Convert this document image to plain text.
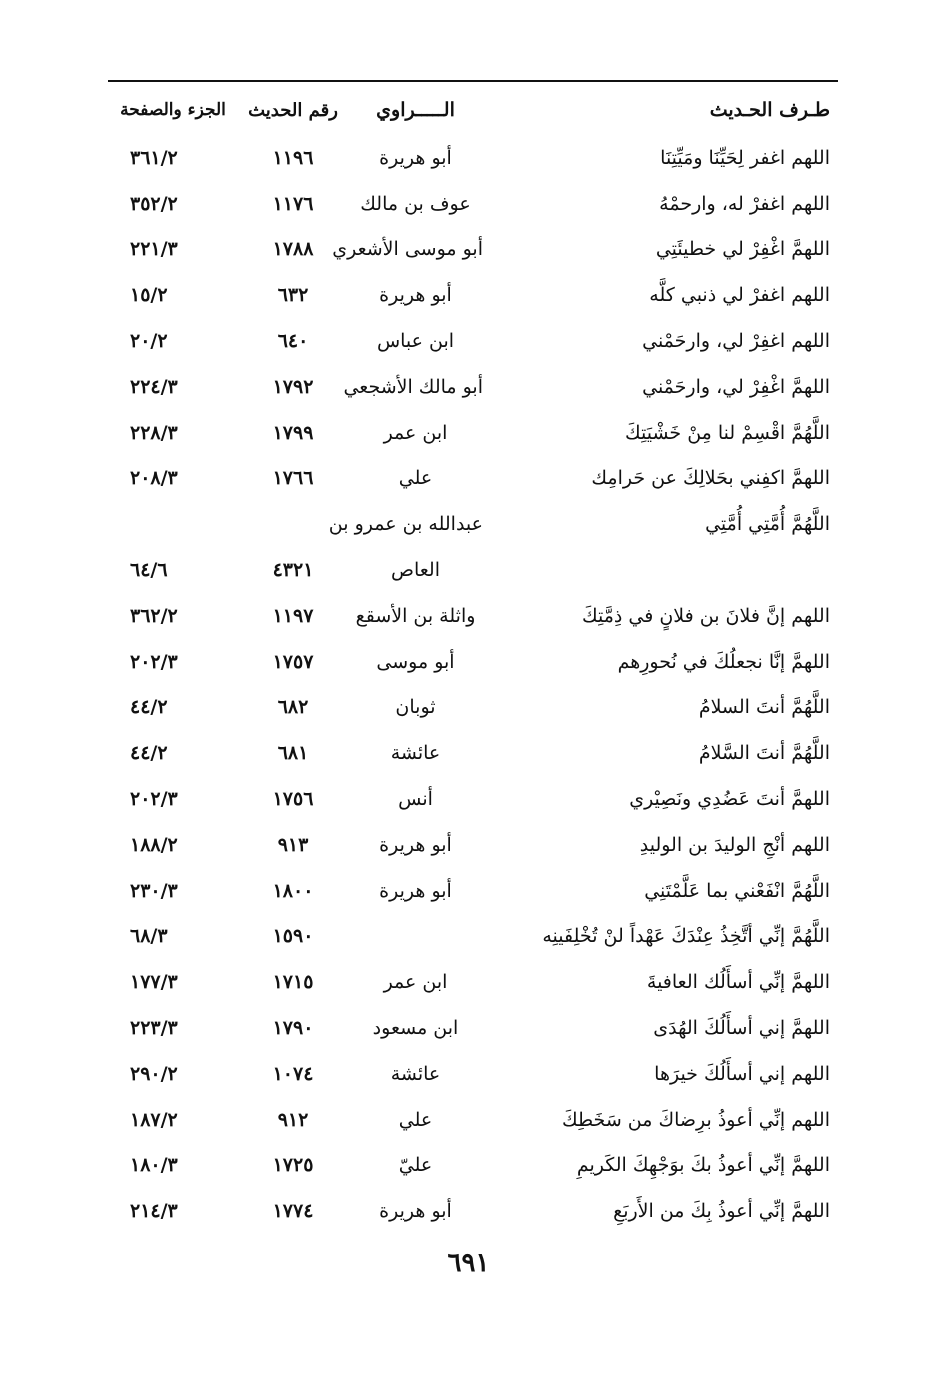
طـرف الحـديث
الـــــراوي
رقم الحديث
الجزء والصفحة
اللهم اغفر لِحَيِّنَا ومَيِّتِنَا
أبو هريرة
١١٩٦
٣٦١/٢
اللهم اغفرْ له، وارحمْهُ
عوف بن مالك
١١٧٦
٣٥٢/٢
اللهمَّ اغْفِرْ لي خطيئَتِي
أبو موسى الأشعري
١٧٨٨
٢٢١/٣
اللهم اغفرْ لي ذنبي كلَّه
أبو هريرة
٦٣٢
١٥/٢
اللهم اغفِرْ لي، وارحَمْني
ابن عباس
٦٤٠
٢٠/٢
اللهمَّ اغْفِرْ لي، وارحَمْني
أبو مالك الأشجعي
١٧٩٢
٢٢٤/٣
اللَّهُمَّ اقْسِمْ لنا مِنْ خَشْيَتِكَ
ابن عمر
١٧٩٩
٢٢٨/٣
اللهمَّ اكفِني بحَلالِكَ عن حَرامِك
علي
١٧٦٦
٢٠٨/٣
اللَّهُمَّ أُمَّتِي أُمَّتِي
عبدالله بن عمرو بن
العاص
٤٣٢١
٦٤/٦
اللهم إنَّ فلانَ بن فلانٍ في ذِمَّتِكَ
واثلة بن الأسقع
١١٩٧
٣٦٢/٢
اللهمَّ إنَّا نجعلُكَ في نُحورِهم
أبو موسى
١٧٥٧
٢٠٢/٣
اللَّهُمَّ أنتَ السلامُ
ثوبان
٦٨٢
٤٤/٢
اللَّهُمَّ أنتَ السَّلامُ
عائشة
٦٨١
٤٤/٢
اللهمَّ أنتَ عَضُدِي ونَصِيْري
أنس
١٧٥٦
٢٠٢/٣
اللهم أنْجِ الوليدَ بن الوليدِ
أبو هريرة
٩١٣
١٨٨/٢
اللَّهُمَّ انْفَعْني بما عَلَّمْتَنِي
أبو هريرة
١٨٠٠
٢٣٠/٣
اللَّهُمَّ إنِّي أتَّخِذُ عِنْدَكَ عَهْداً لنْ تُخْلِفَينِه
١٥٩٠
٦٨/٣
اللهمَّ إنِّي أسأَلُك العافيةَ
ابن عمر
١٧١٥
١٧٧/٣
اللهمَّ إني أسأَلُكَ الهُدَى
ابن مسعود
١٧٩٠
٢٢٣/٣
اللهم إني أسأَلُكَ خيرَها
عائشة
١٠٧٤
٢٩٠/٢
اللهم إنِّي أعوذُ برِضاكَ من سَخَطِكَ
علي
٩١٢
١٨٧/٢
اللهمَّ إنِّي أعوذُ بكَ بوَجْهِكَ الكَريمِ
عليّ
١٧٢٥
١٨٠/٣
اللهمَّ إنِّي أعوذُ بِكَ من الأَربَعِ
أبو هريرة
١٧٧٤
٢١٤/٣
٦٩١
